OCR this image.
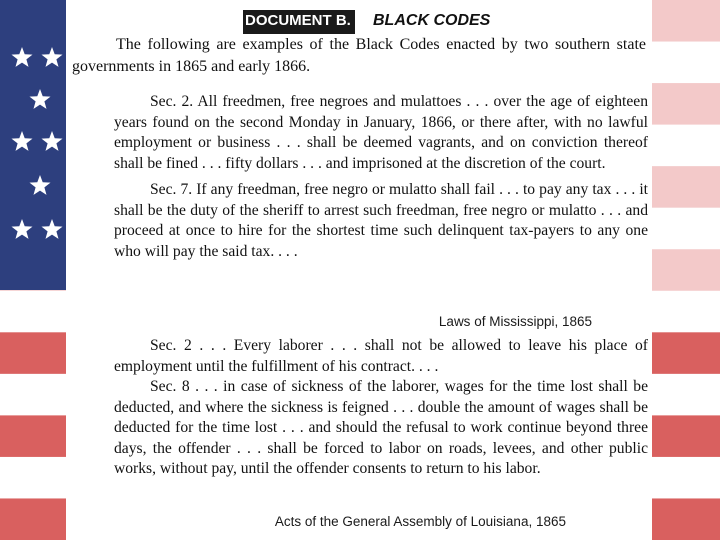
DOCUMENT B. BLACK CODES
The following are examples of the Black Codes enacted by two southern state governments in 1865 and early 1866.

Sec. 2. All freedmen, free negroes and mulattoes . . . over the age of eighteen years found on the second Monday in January, 1866, or there after, with no lawful employment or business . . . shall be deemed vagrants, and on conviction thereof shall be fined . . . fifty dollars . . . and imprisoned at the discretion of the court.

Sec. 7. If any freedman, free negro or mulatto shall fail . . . to pay any tax . . . it shall be the duty of the sheriff to arrest such freedman, free negro or mulatto . . . and proceed at once to hire for the shortest time such delinquent tax-payers to any one who will pay the said tax. . . .

Laws of Mississippi, 1865

Sec. 2 . . . Every laborer . . . shall not be allowed to leave his place of employment until the fulfillment of his contract. . . .

Sec. 8 . . . in case of sickness of the laborer, wages for the time lost shall be deducted, and where the sickness is feigned . . . double the amount of wages shall be deducted for the time lost . . . and should the refusal to work continue beyond three days, the offender . . . shall be forced to labor on roads, levees, and other public works, without pay, until the offender consents to return to his labor.

Acts of the General Assembly of Louisiana, 1865
